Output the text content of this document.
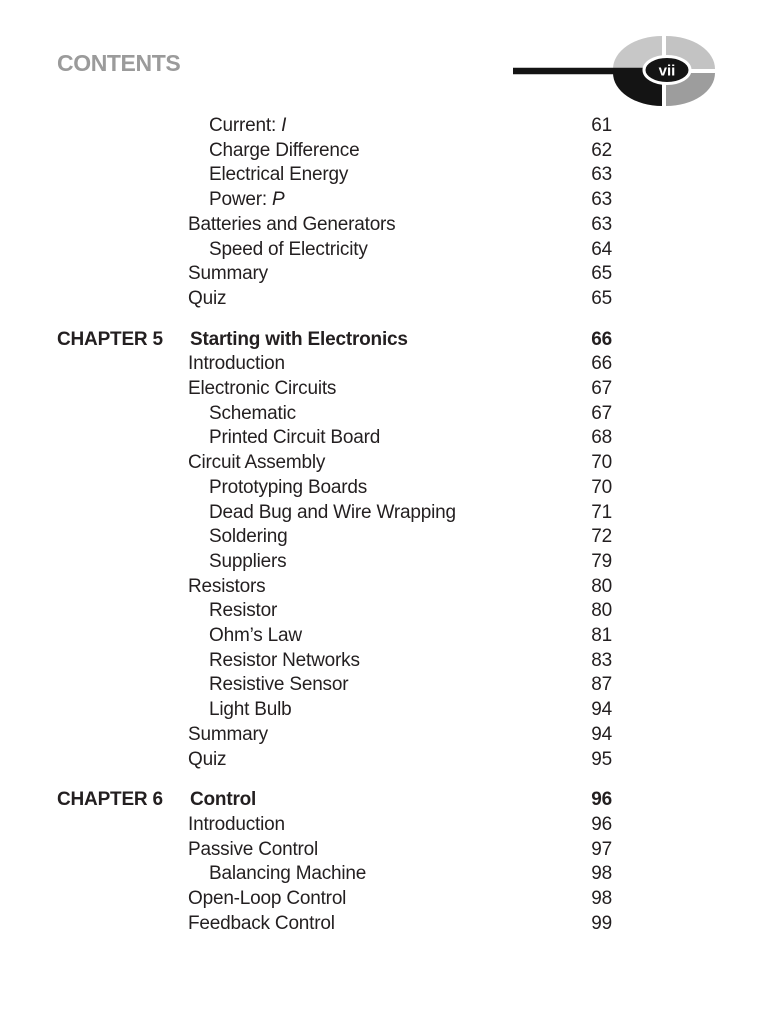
CONTENTS	vii
Current: I	61
Charge Difference	62
Electrical Energy	63
Power: P	63
Batteries and Generators	63
Speed of Electricity	64
Summary	65
Quiz	65
CHAPTER 5	Starting with Electronics	66
Introduction	66
Electronic Circuits	67
Schematic	67
Printed Circuit Board	68
Circuit Assembly	70
Prototyping Boards	70
Dead Bug and Wire Wrapping	71
Soldering	72
Suppliers	79
Resistors	80
Resistor	80
Ohm’s Law	81
Resistor Networks	83
Resistive Sensor	87
Light Bulb	94
Summary	94
Quiz	95
CHAPTER 6	Control	96
Introduction	96
Passive Control	97
Balancing Machine	98
Open-Loop Control	98
Feedback Control	99
